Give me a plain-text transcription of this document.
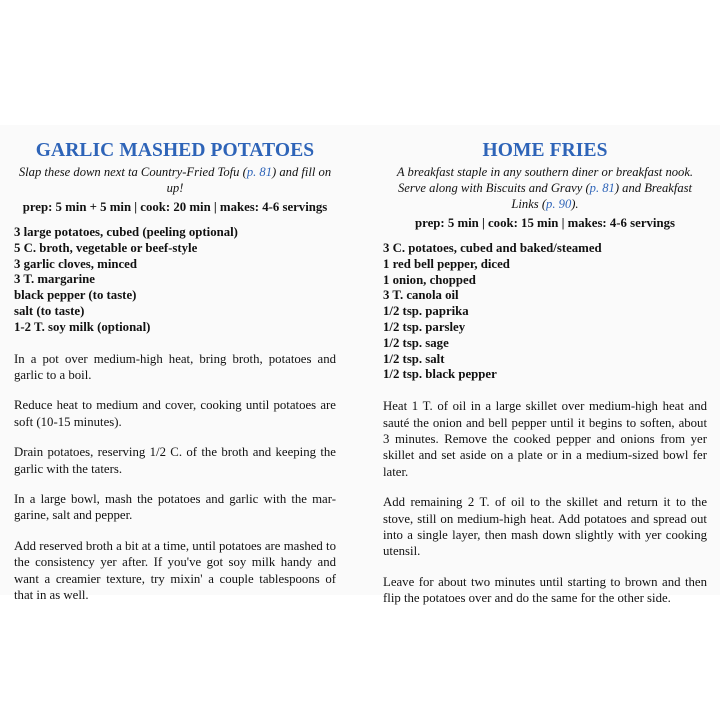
GARLIC MASHED POTATOES

Slap these down next ta Country-Fried Tofu (p. 81) and fill on up!

prep: 5 min + 5 min | cook: 20 min | makes: 4-6 servings
3 large potatoes, cubed (peeling optional)
5 C. broth, vegetable or beef-style
3 garlic cloves, minced
3 T. margarine
black pepper (to taste)
salt (to taste)
1-2 T. soy milk (optional)

In a pot over medium-high heat, bring broth, potatoes and garlic to a boil.

Reduce heat to medium and cover, cooking until potatoes are soft (10-15 minutes).

Drain potatoes, reserving 1/2 C. of the broth and keeping the garlic with the taters.

In a large bowl, mash the potatoes and garlic with the mar-garine, salt and pepper.

Add reserved broth a bit at a time, until potatoes are mashed to the consistency yer after. If you've got soy milk handy and want a creamier texture, try mixin' a couple tablespoons of that in as well.

HOME FRIES

A breakfast staple in any southern diner or breakfast nook. Serve along with Biscuits and Gravy (p. 81) and Breakfast Links (p. 90).

prep: 5 min | cook: 15 min | makes: 4-6 servings
3 C. potatoes, cubed and baked/steamed
1 red bell pepper, diced
1 onion, chopped
3 T. canola oil
1/2 tsp. paprika
1/2 tsp. parsley
1/2 tsp. sage
1/2 tsp. salt
1/2 tsp. black pepper

Heat 1 T. of oil in a large skillet over medium-high heat and sauté the onion and bell pepper until it begins to soften, about 3 minutes. Remove the cooked pepper and onions from yer skillet and set aside on a plate or in a medium-sized bowl fer later.

Add remaining 2 T. of oil to the skillet and return it to the stove, still on medium-high heat. Add potatoes and spread out into a single layer, then mash down slightly with yer cooking utensil.

Leave for about two minutes until starting to brown and then flip the potatoes over and do the same for the other side.
